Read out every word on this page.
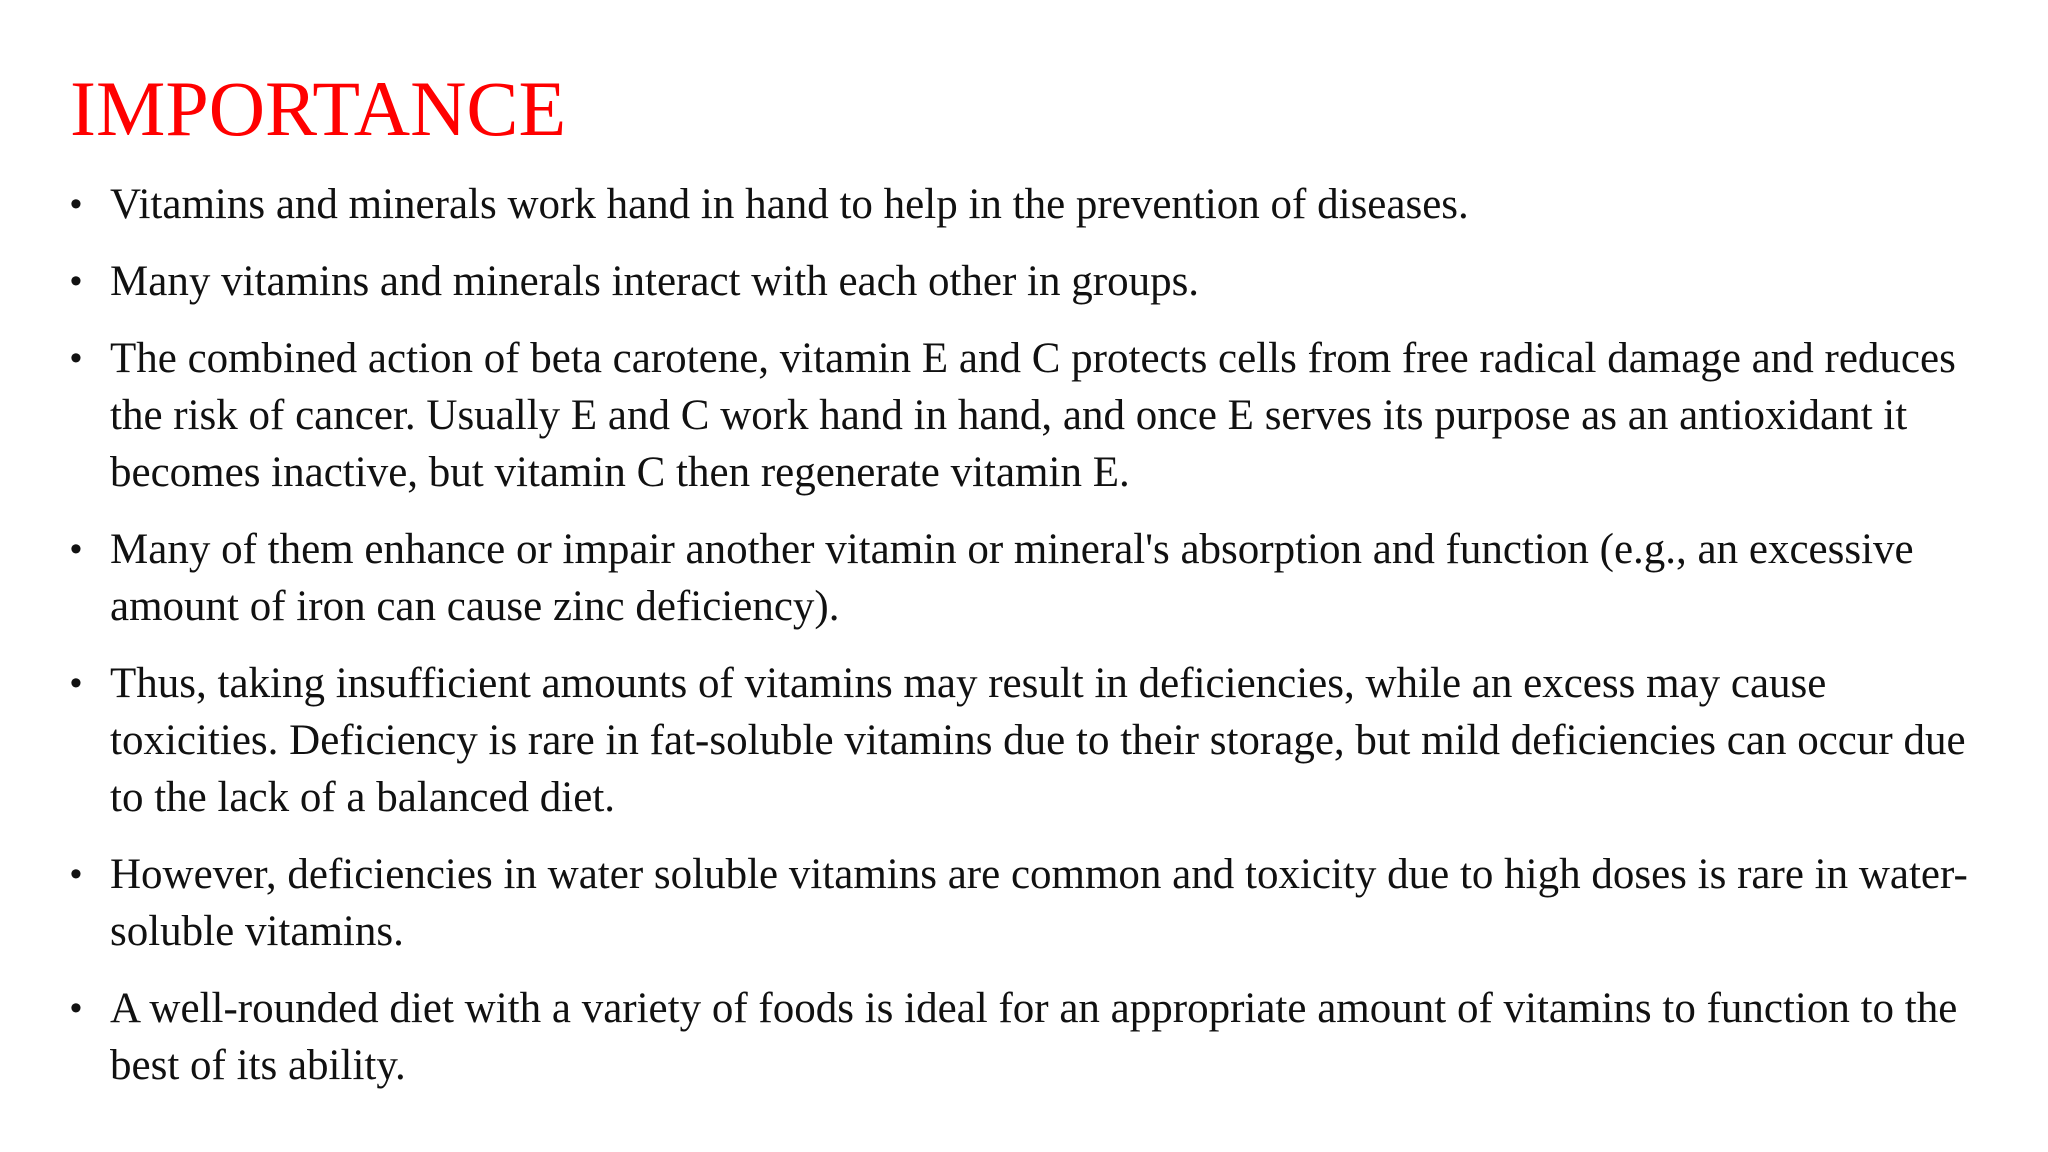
IMPORTANCE
• Vitamins and minerals work hand in hand to help in the prevention of diseases.
• Many vitamins and minerals interact with each other in groups.
• The combined action of beta carotene, vitamin E and C protects cells from free radical damage and reduces the risk of cancer. Usually E and C work hand in hand, and once E serves its purpose as an antioxidant it becomes inactive, but vitamin C then regenerate vitamin E.
• Many of them enhance or impair another vitamin or mineral's absorption and function (e.g., an excessive amount of iron can cause zinc deficiency).
• Thus, taking insufficient amounts of vitamins may result in deficiencies, while an excess may cause toxicities. Deficiency is rare in fat-soluble vitamins due to their storage, but mild deficiencies can occur due to the lack of a balanced diet.
• However, deficiencies in water soluble vitamins are common and toxicity due to high doses is rare in water-soluble vitamins.
• A well-rounded diet with a variety of foods is ideal for an appropriate amount of vitamins to function to the best of its ability.
